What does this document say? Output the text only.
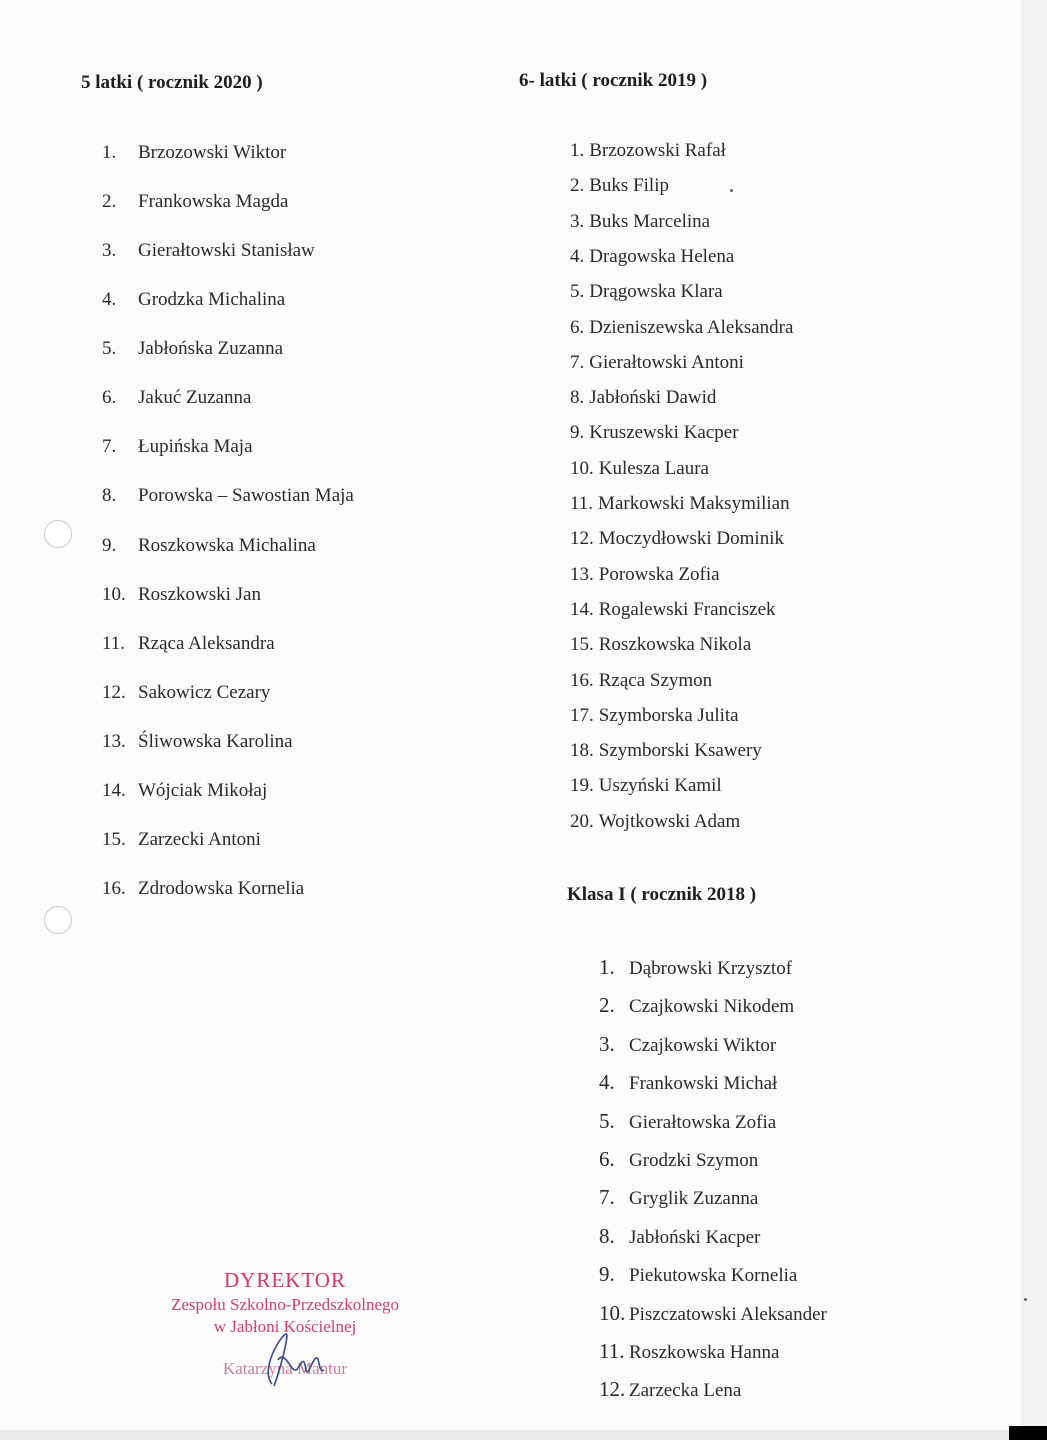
5 latki ( rocznik 2020 )
1. Brzozowski Wiktor
2. Frankowska Magda
3. Gierałtowski Stanisław
4. Grodzka Michalina
5. Jabłońska Zuzanna
6. Jakuć Zuzanna
7. Łupińska Maja
8. Porowska – Sawostian Maja
9. Roszkowska Michalina
10. Roszkowski Jan
11. Rząca Aleksandra
12. Sakowicz Cezary
13. Śliwowska Karolina
14. Wójciak Mikołaj
15. Zarzecki Antoni
16. Zdrodowska Kornelia
6- latki ( rocznik 2019 )
1. Brzozowski Rafał
2. Buks Filip
3. Buks Marcelina
4. Dragowska Helena
5. Drągowska Klara
6. Dzieniszewska Aleksandra
7. Gierałtowski Antoni
8. Jabłoński Dawid
9. Kruszewski Kacper
10. Kulesza Laura
11. Markowski Maksymilian
12. Moczydłowski Dominik
13. Porowska Zofia
14. Rogalewski Franciszek
15. Roszkowska Nikola
16. Rząca Szymon
17. Szymborska Julita
18. Szymborski Ksawery
19. Uszyński Kamil
20. Wojtkowski Adam
Klasa I ( rocznik 2018 )
1. Dąbrowski Krzysztof
2. Czajkowski Nikodem
3. Czajkowski Wiktor
4. Frankowski Michał
5. Gierałtowska Zofia
6. Grodzki Szymon
7. Gryglik Zuzanna
8. Jabłoński Kacper
9. Piekutowska Kornelia
10. Piszczatowski Aleksander
11. Roszkowska Hanna
12. Zarzecka Lena
DYREKTOR
Zespołu Szkolno-Przedszkolnego
w Jabłoni Kościelnej
Katarzyna Mantur
